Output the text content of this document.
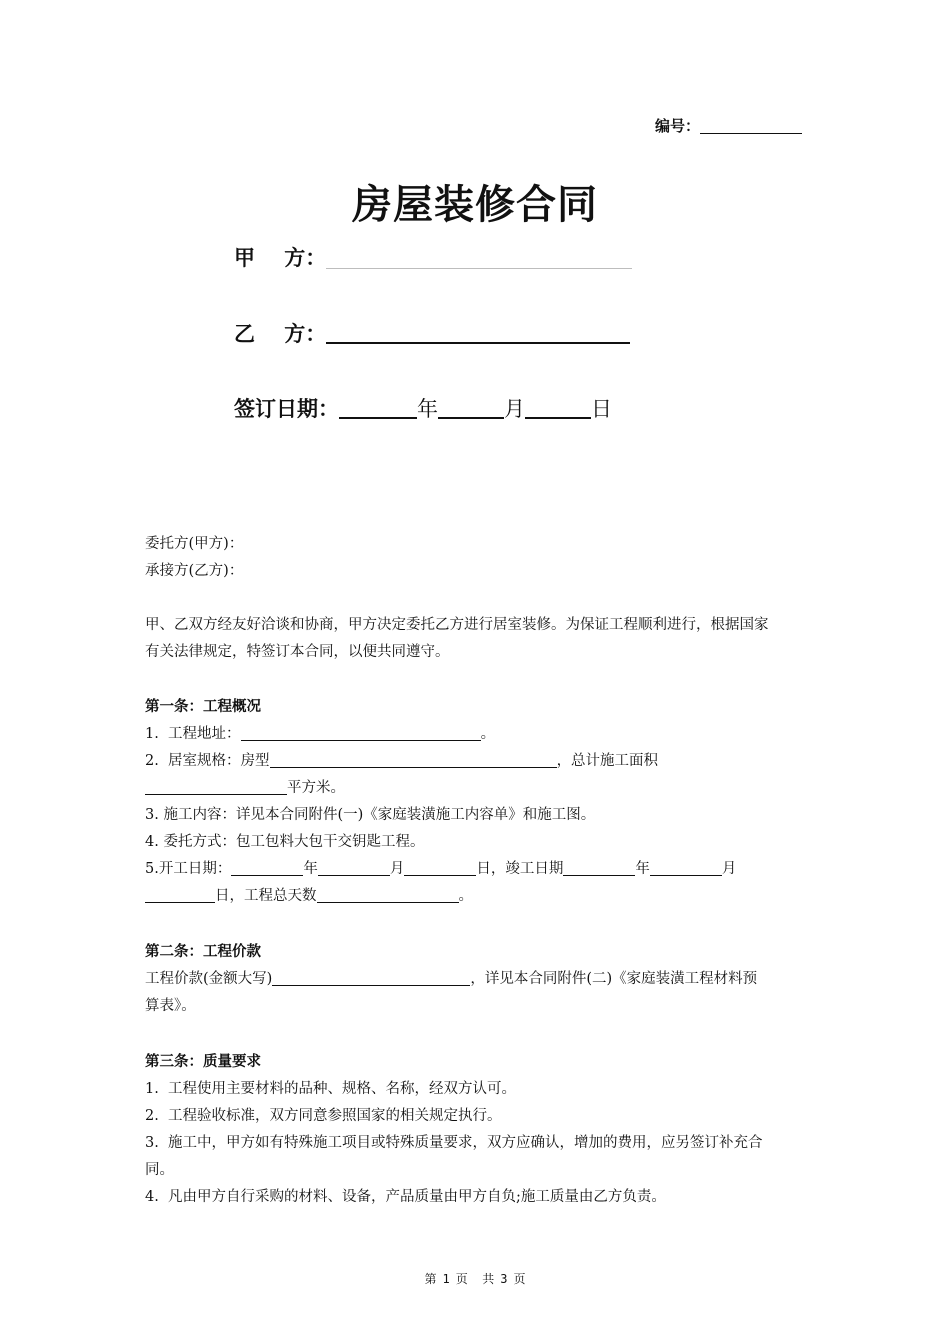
编号：
房屋装修合同
甲    方：
乙    方：
签订日期：	年	月	日
委托方(甲方)：
承接方(乙方)：
甲、乙双方经友好洽谈和协商，甲方决定委托乙方进行居室装修。为保证工程顺利进行，根据国家
有关法律规定，特签订本合同，以便共同遵守。
第一条：工程概况
1.  工程地址：	。
2.  居室规格：房型	，总计施工面积
平方米。
3. 施工内容：详见本合同附件(一)《家庭装潢施工内容单》和施工图。
4. 委托方式：包工包料大包干交钥匙工程。
5.开工日期：	年	月	日，竣工日期	年	月
日，工程总天数	。
第二条：工程价款
工程价款(金额大写)	，详见本合同附件(二)《家庭装潢工程材料预
算表》。
第三条：质量要求
1.  工程使用主要材料的品种、规格、名称，经双方认可。
2.  工程验收标准，双方同意参照国家的相关规定执行。
3.  施工中，甲方如有特殊施工项目或特殊质量要求，双方应确认，增加的费用，应另签订补充合
同。
4.  凡由甲方自行采购的材料、设备，产品质量由甲方自负;施工质量由乙方负责。
第 1 页  共 3 页
